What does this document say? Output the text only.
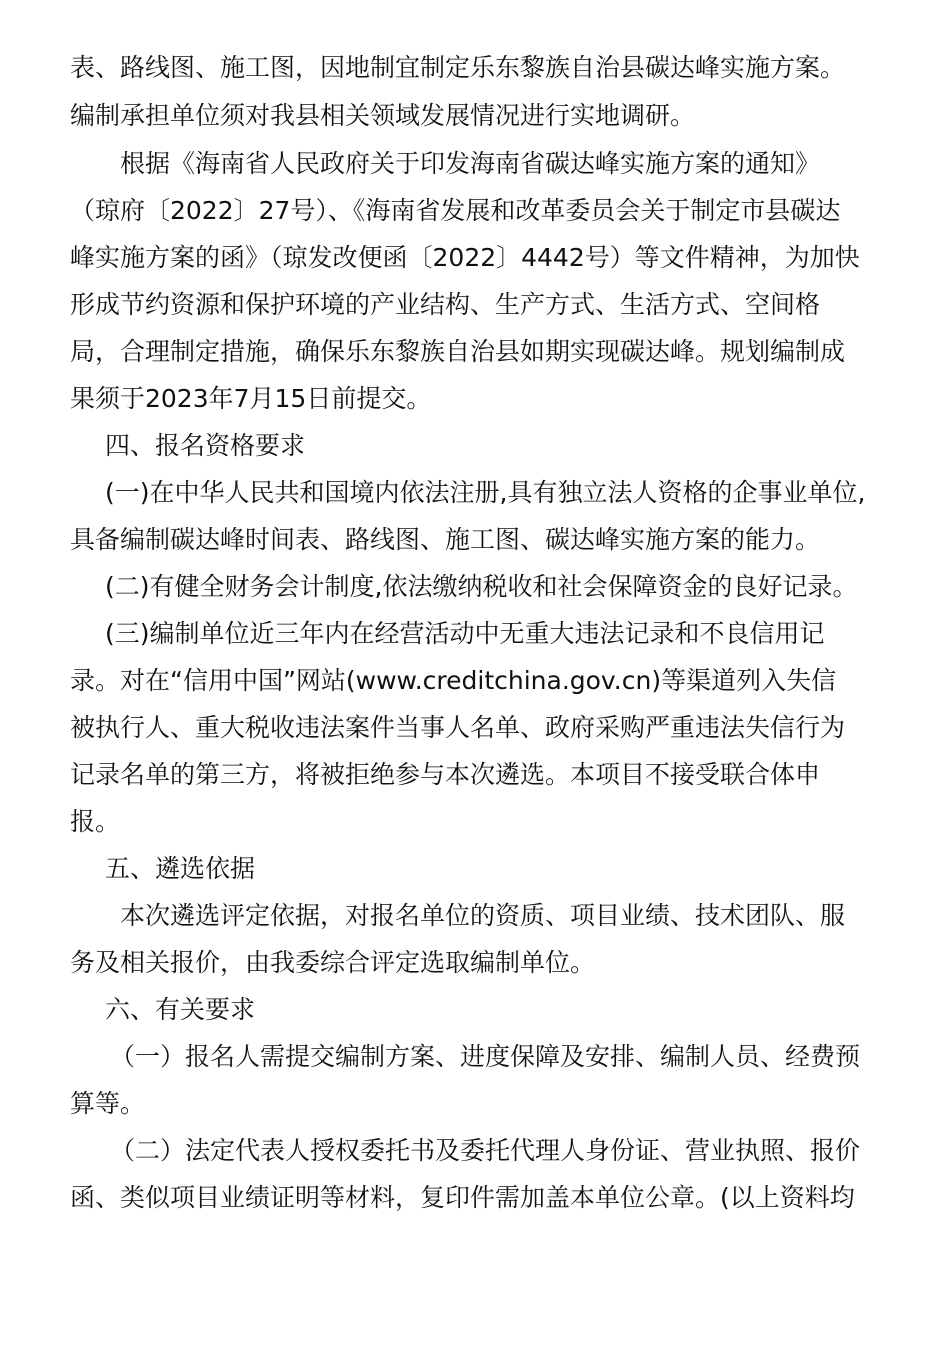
表、路线图、施工图，因地制宜制定乐东黎族自治县碳达峰实施方案。
编制承担单位须对我县相关领域发展情况进行实地调研。
根据《海南省人民政府关于印发海南省碳达峰实施方案的通知》
（琼府〔2022〕27号）、《海南省发展和改革委员会关于制定市县碳达
峰实施方案的函》（琼发改便函〔2022〕4442号）等文件精神，为加快
形成节约资源和保护环境的产业结构、生产方式、生活方式、空间格
局，合理制定措施，确保乐东黎族自治县如期实现碳达峰。规划编制成
果须于2023年7月15日前提交。
四、报名资格要求
(一)在中华人民共和国境内依法注册,具有独立法人资格的企事业单位,
具备编制碳达峰时间表、路线图、施工图、碳达峰实施方案的能力。
(二)有健全财务会计制度,依法缴纳税收和社会保障资金的良好记录。
(三)编制单位近三年内在经营活动中无重大违法记录和不良信用记
录。对在“信用中国”网站(www.creditchina.gov.cn)等渠道列入失信
被执行人、重大税收违法案件当事人名单、政府采购严重违法失信行为
记录名单的第三方，将被拒绝参与本次遴选。本项目不接受联合体申
报。
五、遴选依据
本次遴选评定依据，对报名单位的资质、项目业绩、技术团队、服
务及相关报价，由我委综合评定选取编制单位。
六、有关要求
（一）报名人需提交编制方案、进度保障及安排、编制人员、经费预
算等。
（二）法定代表人授权委托书及委托代理人身份证、营业执照、报价
函、类似项目业绩证明等材料，复印件需加盖本单位公章。(以上资料均
